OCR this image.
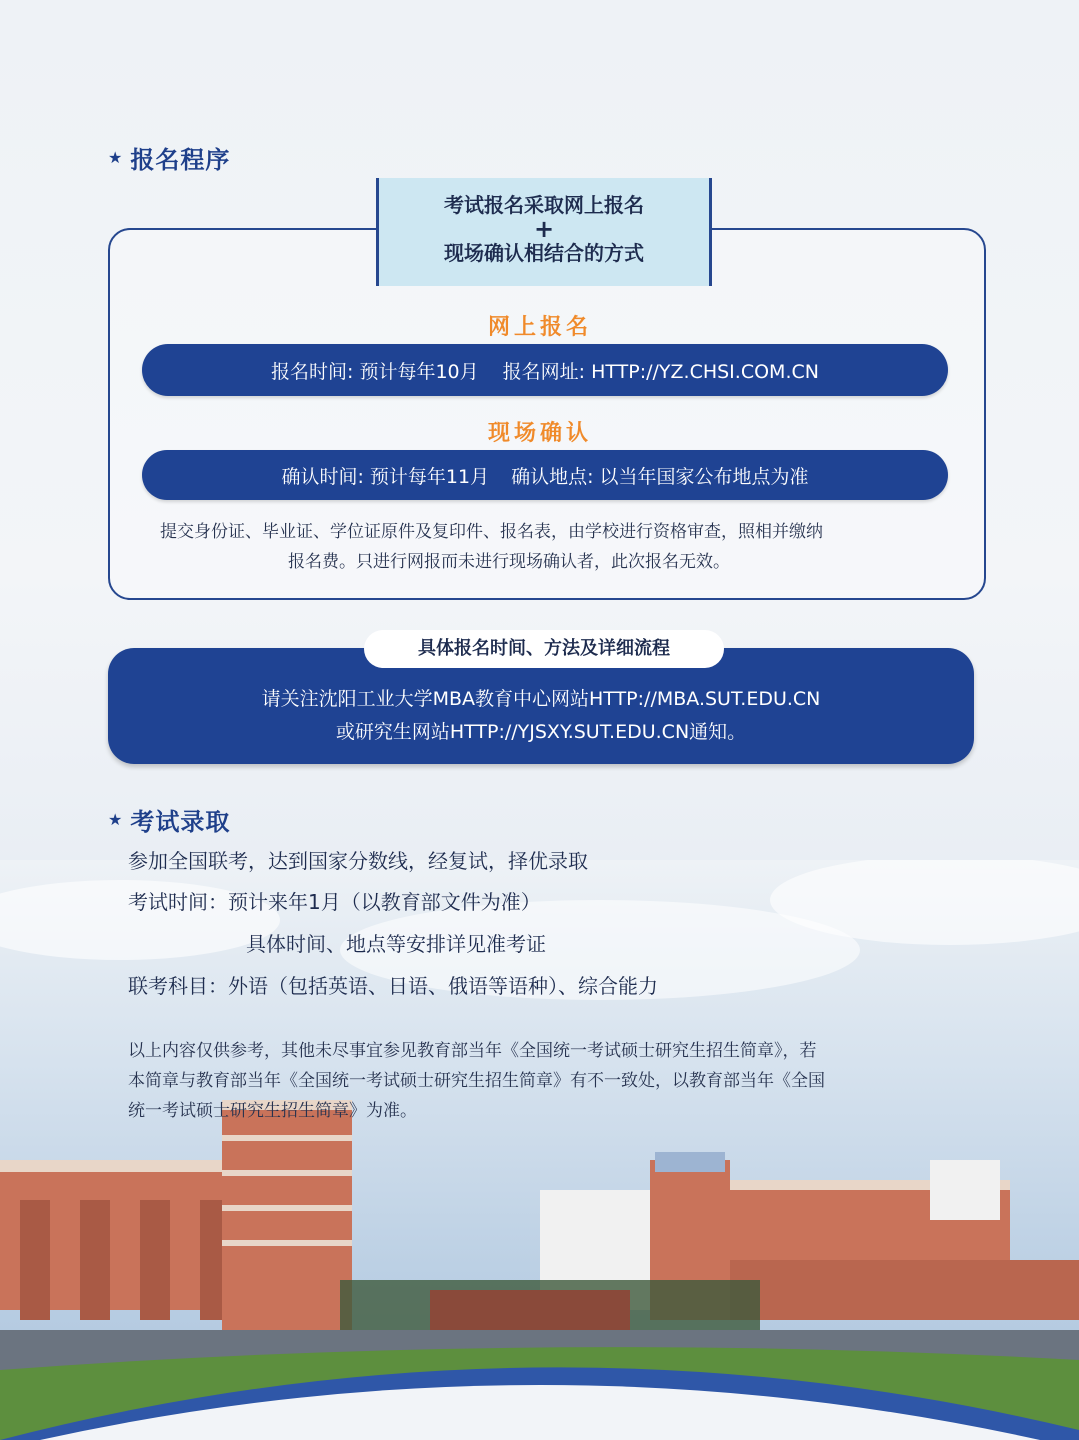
★ 报名程序
考试报名采取网上报名
+
现场确认相结合的方式
网上报名
报名时间: 预计每年10月 报名网址: HTTP://YZ.CHSI.COM.CN
现场确认
确认时间: 预计每年11月 确认地点: 以当年国家公布地点为准
提交身份证、毕业证、学位证原件及复印件、报名表，由学校进行资格审查，照相并缴纳
报名费。只进行网报而未进行现场确认者，此次报名无效。
请关注沈阳工业大学MBA教育中心网站HTTP://MBA.SUT.EDU.CN
或研究生网站HTTP://YJSXY.SUT.EDU.CN通知。
具体报名时间、方法及详细流程
★ 考试录取
参加全国联考，达到国家分数线，经复试，择优录取
考试时间：预计来年1月（以教育部文件为准）
具体时间、地点等安排详见准考证
联考科目：外语（包括英语、日语、俄语等语种）、综合能力
以上内容仅供参考，其他未尽事宜参见教育部当年《全国统一考试硕士研究生招生简章》，若
本简章与教育部当年《全国统一考试硕士研究生招生简章》有不一致处，以教育部当年《全国
统一考试硕士研究生招生简章》为准。
